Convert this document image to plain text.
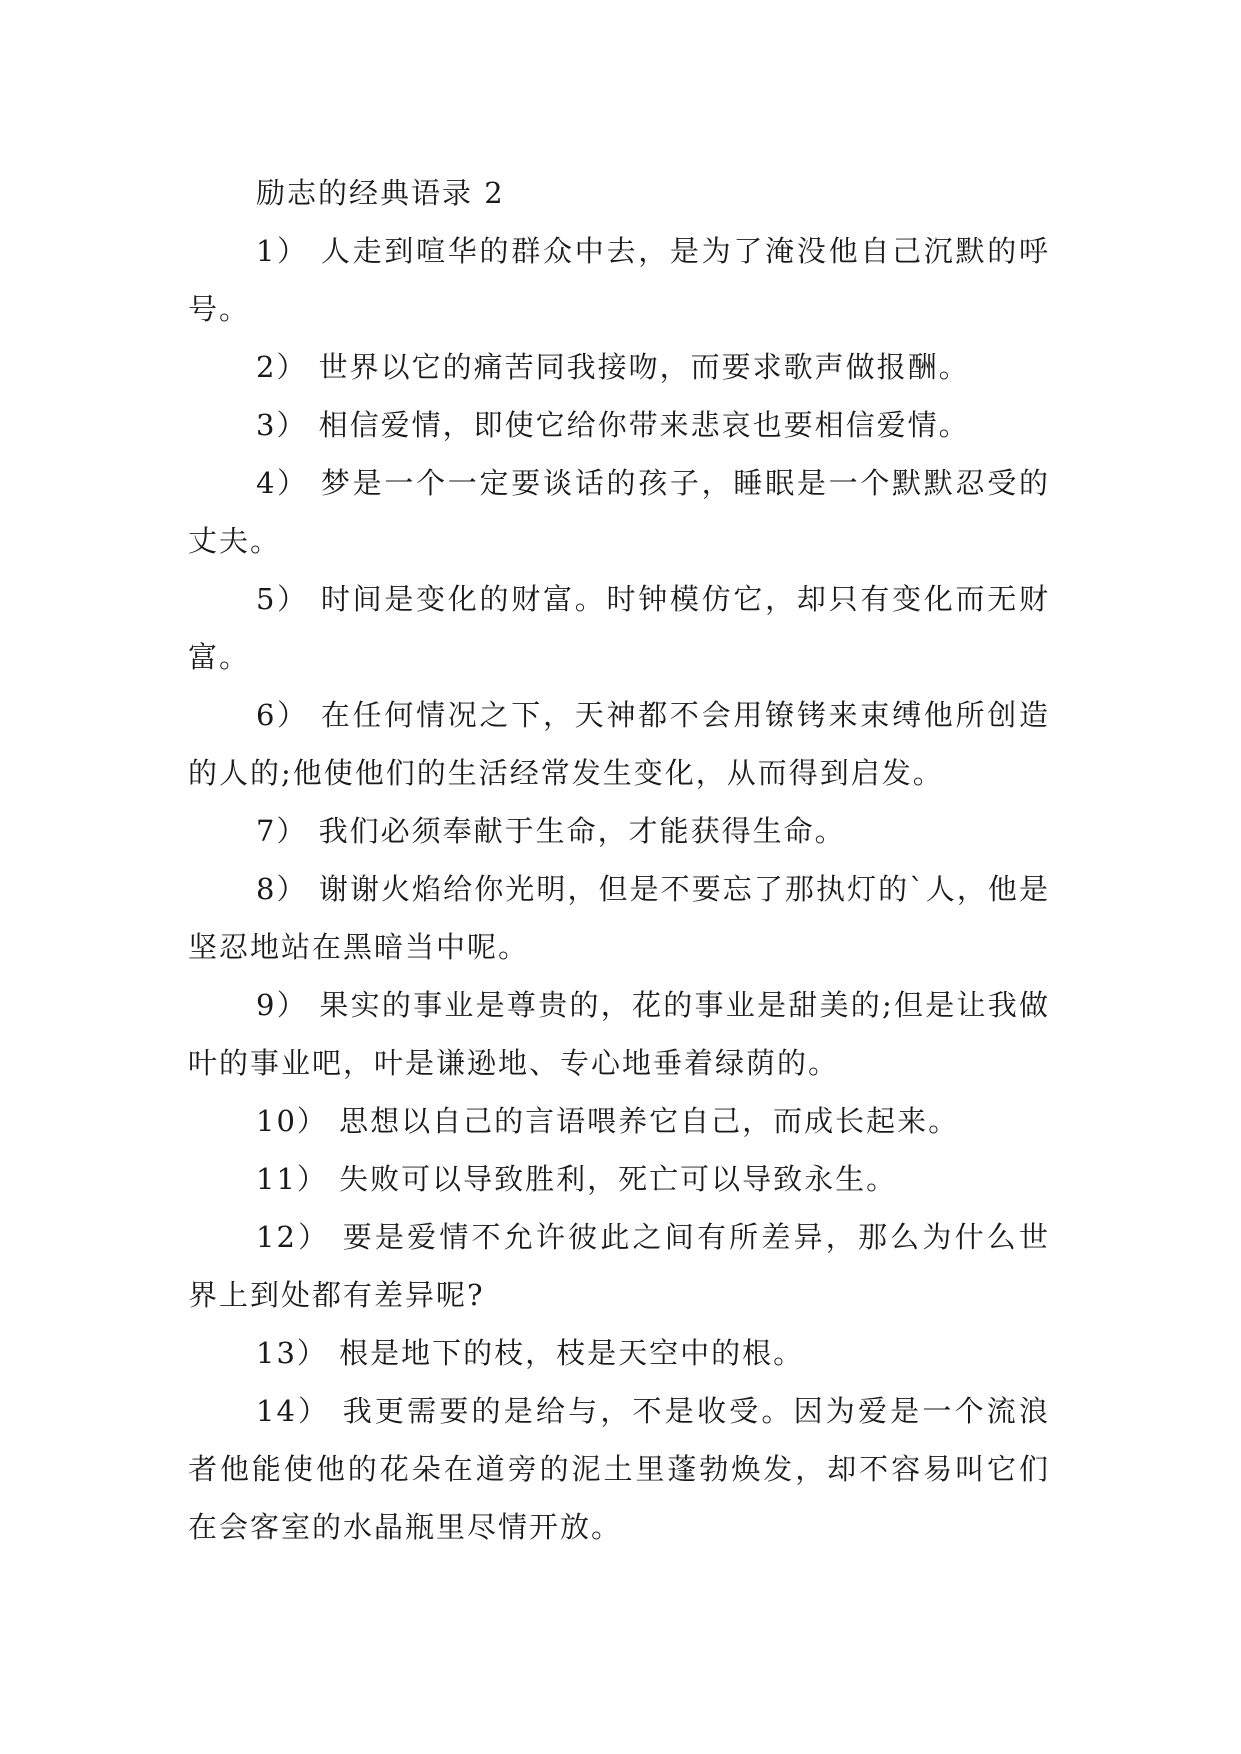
励志的经典语录 2

1） 人走到喧华的群众中去，是为了淹没他自己沉默的呼号。

2） 世界以它的痛苦同我接吻，而要求歌声做报酬。

3） 相信爱情，即使它给你带来悲哀也要相信爱情。

4） 梦是一个一定要谈话的孩子，睡眠是一个默默忍受的丈夫。

5） 时间是变化的财富。时钟模仿它，却只有变化而无财富。

6） 在任何情况之下，天神都不会用镣铐来束缚他所创造的人的;他使他们的生活经常发生变化，从而得到启发。

7） 我们必须奉献于生命，才能获得生命。

8） 谢谢火焰给你光明，但是不要忘了那执灯的`人，他是坚忍地站在黑暗当中呢。

9） 果实的事业是尊贵的，花的事业是甜美的;但是让我做叶的事业吧，叶是谦逊地、专心地垂着绿荫的。

10） 思想以自己的言语喂养它自己，而成长起来。

11） 失败可以导致胜利，死亡可以导致永生。

12） 要是爱情不允许彼此之间有所差异，那么为什么世界上到处都有差异呢?

13） 根是地下的枝，枝是天空中的根。

14） 我更需要的是给与，不是收受。因为爱是一个流浪者他能使他的花朵在道旁的泥土里蓬勃焕发，却不容易叫它们在会客室的水晶瓶里尽情开放。
